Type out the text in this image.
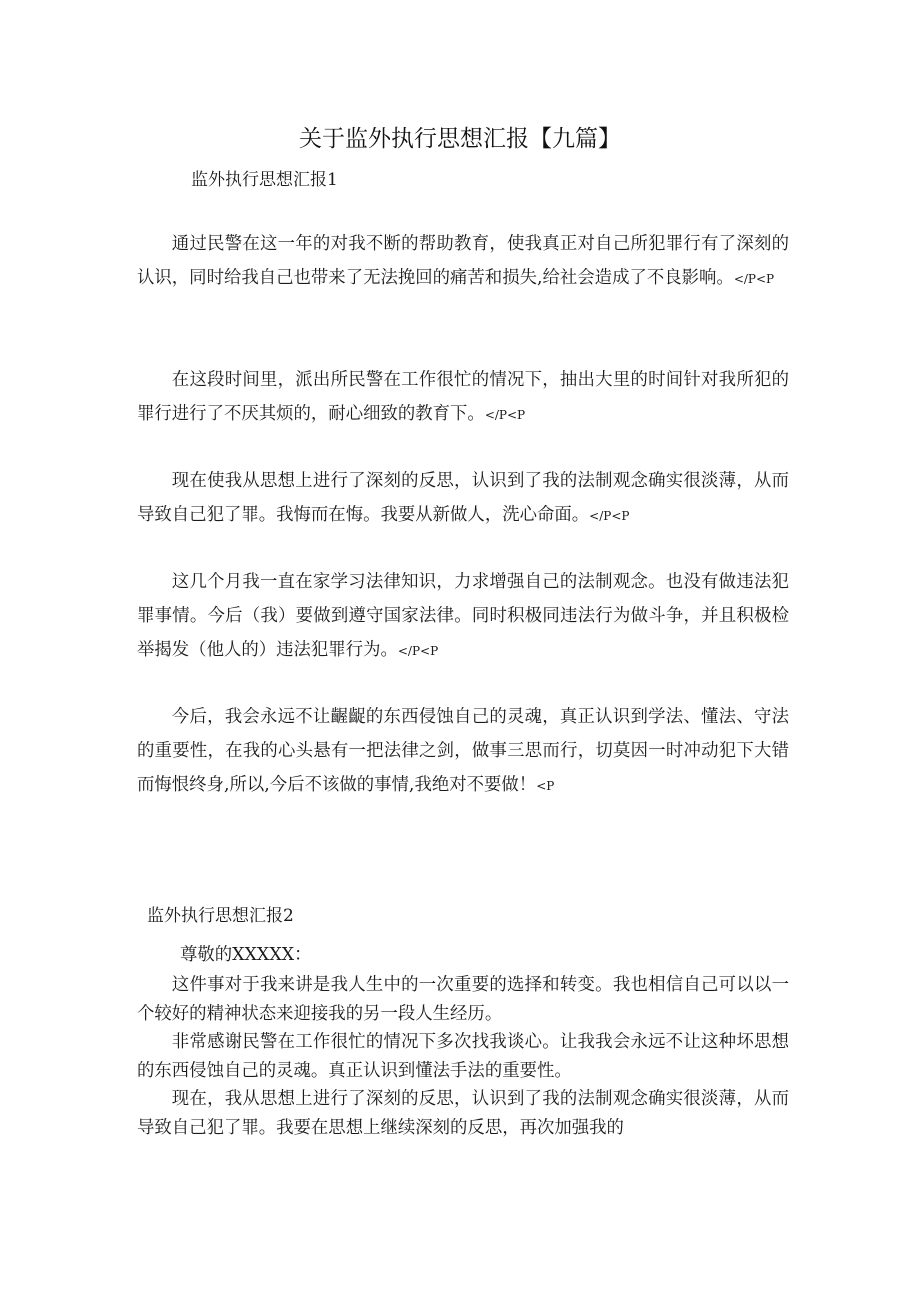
关于监外执行思想汇报【九篇】
监外执行思想汇报1

通过民警在这一年的对我不断的帮助教育，使我真正对自己所犯罪行有了深刻的认识，同时给我自己也带来了无法挽回的痛苦和损失,给社会造成了不良影响。</P<P

在这段时间里，派出所民警在工作很忙的情况下，抽出大里的时间针对我所犯的罪行进行了不厌其烦的，耐心细致的教育下。</P<P

现在使我从思想上进行了深刻的反思，认识到了我的法制观念确实很淡薄，从而导致自己犯了罪。我悔而在悔。我要从新做人，洗心命面。</P<P

这几个月我一直在家学习法律知识，力求增强自己的法制观念。也没有做违法犯罪事情。今后（我）要做到遵守国家法律。同时积极同违法行为做斗争，并且积极检举揭发（他人的）违法犯罪行为。</P<P

今后，我会永远不让齷齪的东西侵蚀自己的灵魂，真正认识到学法、懂法、守法的重要性，在我的心头悬有一把法律之剑，做事三思而行，切莫因一时冲动犯下大错而悔恨终身,所以,今后不该做的事情,我绝对不要做！<P

监外执行思想汇报2
尊敬的XXXXX：

这件事对于我来讲是我人生中的一次重要的选择和转变。我也相信自己可以以一个较好的精神状态来迎接我的另一段人生经历。

非常感谢民警在工作很忙的情况下多次找我谈心。让我我会永远不让这种坏思想的东西侵蚀自己的灵魂。真正认识到懂法手法的重要性。

现在，我从思想上进行了深刻的反思，认识到了我的法制观念确实很淡薄，从而导致自己犯了罪。我要在思想上继续深刻的反思，再次加强我的
